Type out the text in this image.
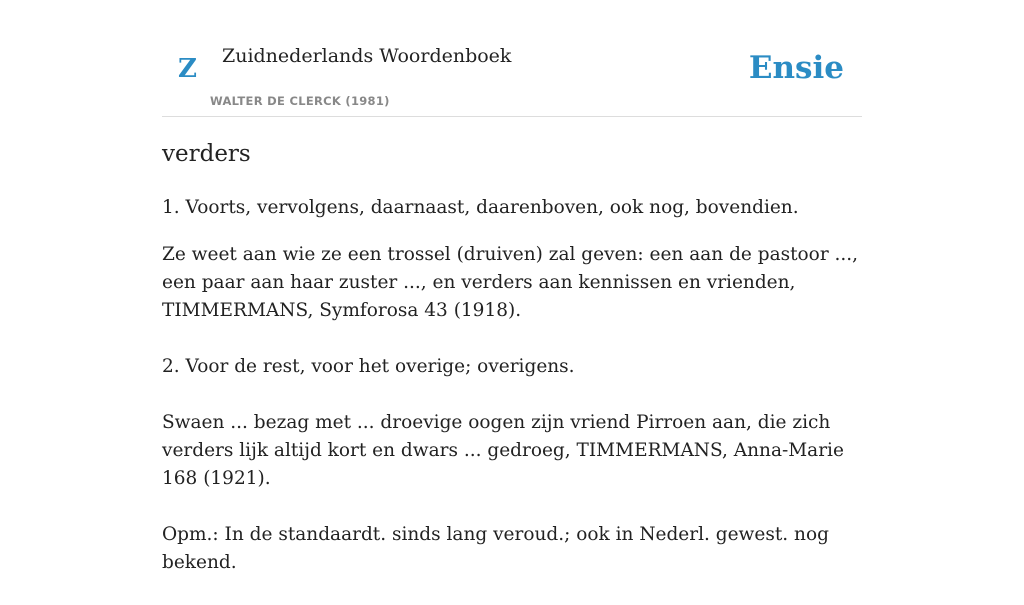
Z Zuidnederlands Woordenboek
WALTER DE CLERCK (1981)
Ensie
verders

1. Voorts, vervolgens, daarnaast, daarenboven, ook nog, bovendien.

Ze weet aan wie ze een trossel (druiven) zal geven: een aan de pastoor ..., een paar aan haar zuster ..., en verders aan kennissen en vrienden, TIMMERMANS, Symforosa 43 (1918).

2. Voor de rest, voor het overige; overigens.

Swaen ... bezag met ... droevige oogen zijn vriend Pirroen aan, die zich verders lijk altijd kort en dwars ... gedroeg, TIMMERMANS, Anna-Marie 168 (1921).

Opm.: In de standaardt. sinds lang veroud.; ook in Nederl. gewest. nog bekend.
